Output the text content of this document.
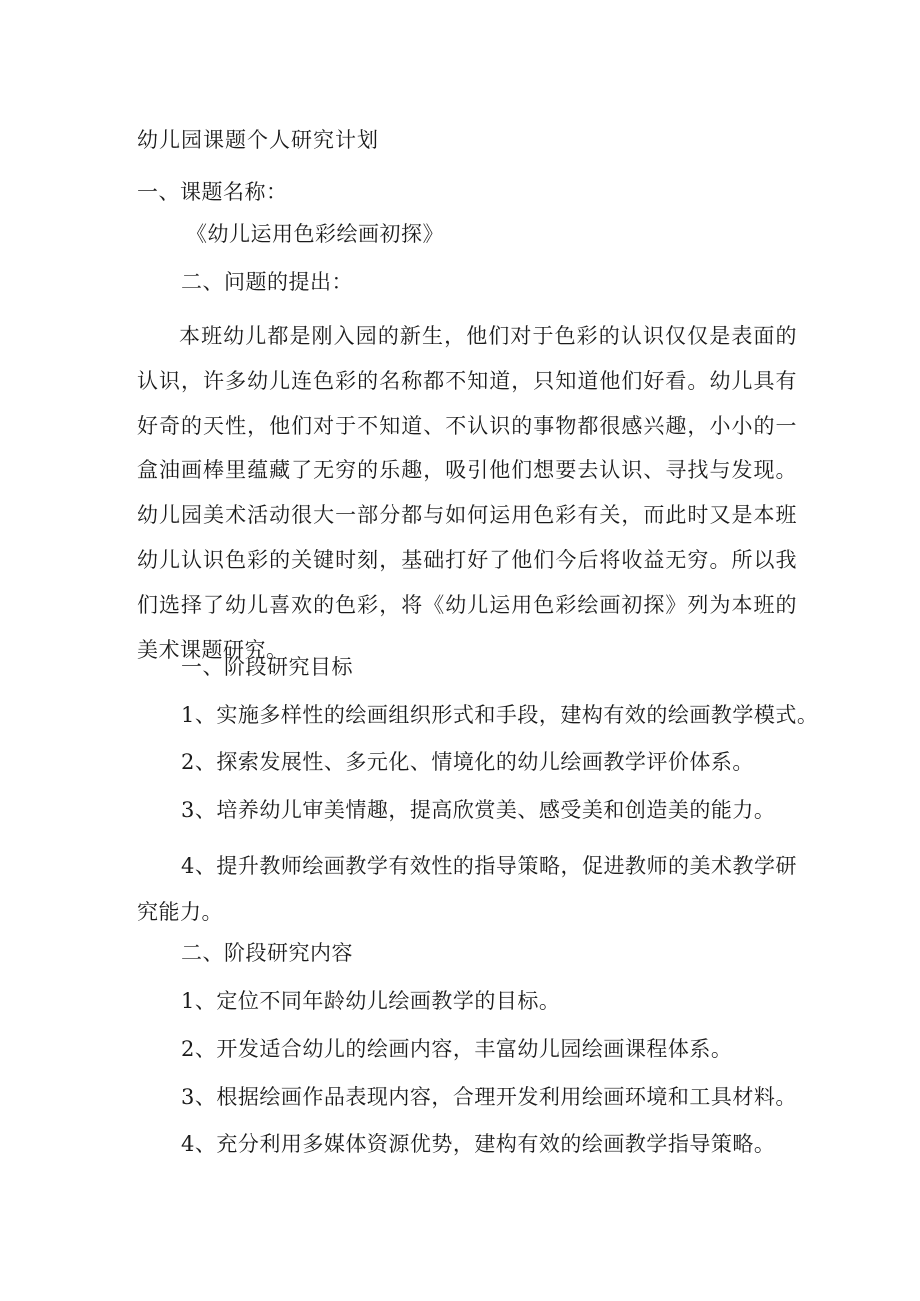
幼儿园课题个人研究计划
一、课题名称：
《幼儿运用色彩绘画初探》
二、问题的提出：
本班幼儿都是刚入园的新生，他们对于色彩的认识仅仅是表面的认识，许多幼儿连色彩的名称都不知道，只知道他们好看。幼儿具有好奇的天性，他们对于不知道、不认识的事物都很感兴趣，小小的一盒油画棒里蕴藏了无穷的乐趣，吸引他们想要去认识、寻找与发现。幼儿园美术活动很大一部分都与如何运用色彩有关，而此时又是本班幼儿认识色彩的关键时刻，基础打好了他们今后将收益无穷。所以我们选择了幼儿喜欢的色彩，将《幼儿运用色彩绘画初探》列为本班的美术课题研究。
一、阶段研究目标
1、实施多样性的绘画组织形式和手段，建构有效的绘画教学模式。
2、探索发展性、多元化、情境化的幼儿绘画教学评价体系。
3、培养幼儿审美情趣，提高欣赏美、感受美和创造美的能力。
4、提升教师绘画教学有效性的指导策略，促进教师的美术教学研究能力。
二、阶段研究内容
1、定位不同年龄幼儿绘画教学的目标。
2、开发适合幼儿的绘画内容，丰富幼儿园绘画课程体系。
3、根据绘画作品表现内容，合理开发利用绘画环境和工具材料。
4、充分利用多媒体资源优势，建构有效的绘画教学指导策略。
